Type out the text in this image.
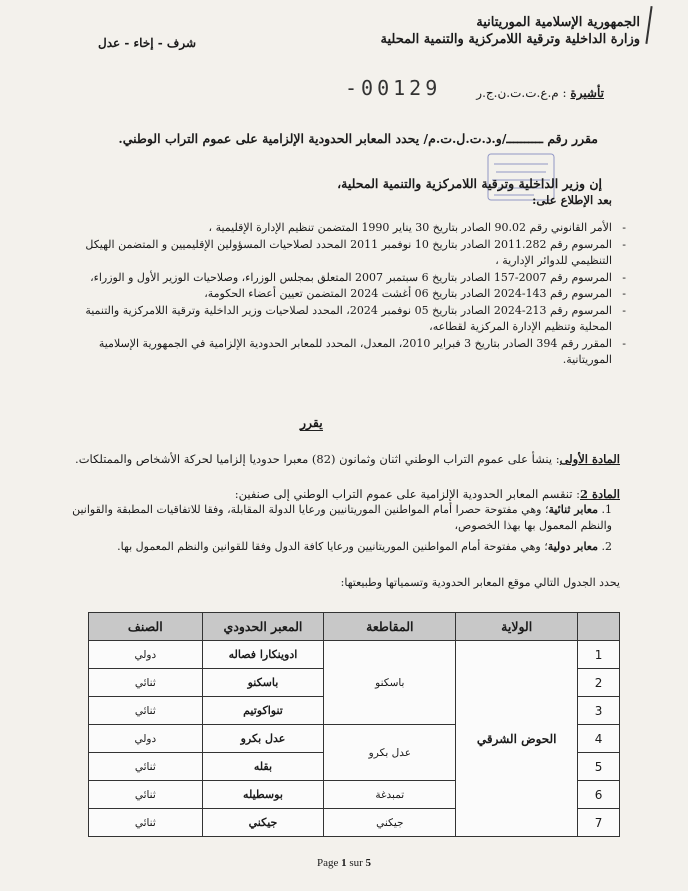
الجمهورية الإسلامية الموريتانية
وزارة الداخلية وترقية اللامركزية والتنمية المحلية
شرف - إخاء - عدل
-00129	تأشيرة : م.ع.ت.ت.ن.ج.ر
مقرر رقم ــــــــــ/و.د.ت.ل.ت.م/ يحدد المعابر الحدودية الإلزامية على عموم التراب الوطني.
إن وزير الداخلية وترقية اللامركزية والتنمية المحلية،
بعد الإطلاع على:
- الأمر القانوني رقم 90.02 الصادر بتاريخ 30 يناير 1990 المتضمن تنظيم الإدارة الإقليمية ،
- المرسوم رقم 2011.282 الصادر بتاريخ 10 نوفمبر 2011 المحدد لصلاحيات المسؤولين الإقليميين و المتضمن الهيكل التنظيمي للدوائر الإدارية ،
- المرسوم رقم 2007-157 الصادر بتاريخ 6 سبتمبر 2007 المتعلق بمجلس الوزراء، وصلاحيات الوزير الأول و الوزراء،
- المرسوم رقم 143-2024 الصادر بتاريخ 06 أغشت 2024 المتضمن تعيين أعضاء الحكومة،
- المرسوم رقم 213-2024 الصادر بتاريخ 05 نوفمبر 2024، المحدد لصلاحيات وزير الداخلية وترقية اللامركزية والتنمية المحلية وتنظيم الإدارة المركزية لقطاعه،
- المقرر رقم 394 الصادر بتاريخ 3 فبراير 2010، المعدل، المحدد للمعابر الحدودية الإلزامية في الجمهورية الإسلامية الموريتانية.
يقرر
المادة الأولى: ينشأ على عموم التراب الوطني اثنان وثمانون (82) معبرا حدوديا إلزاميا لحركة الأشخاص والممتلكات.
المادة 2: تنقسم المعابر الحدودية الإلزامية على عموم التراب الوطني إلى صنفين:
1. معابر ثنائية؛ وهي مفتوحة حصرا أمام المواطنين الموريتانيين ورعايا الدولة المقابلة، وفقا للاتفاقيات المطبقة والقوانين والنظم المعمول بها بهذا الخصوص،
2. معابر دولية؛ وهي مفتوحة أمام المواطنين الموريتانيين ورعايا كافة الدول وفقا للقوانين والنظم المعمول بها.
يحدد الجدول التالي موقع المعابر الحدودية وتسمياتها وطبيعتها:
	الولاية	المقاطعة	المعبر الحدودي	الصنف
1	الحوض الشرقي	باسكنو	ادوينكارا فصاله	دولي
2			باسكنو	ثنائي
3			تنواكوتيم	ثنائي
4		عدل بكرو	عدل بكرو	دولي
5			بقله	ثنائي
6		تمبدغة	بوسطيله	ثنائي
7		جيكني	جيكني	ثنائي
Page 1 sur 5
